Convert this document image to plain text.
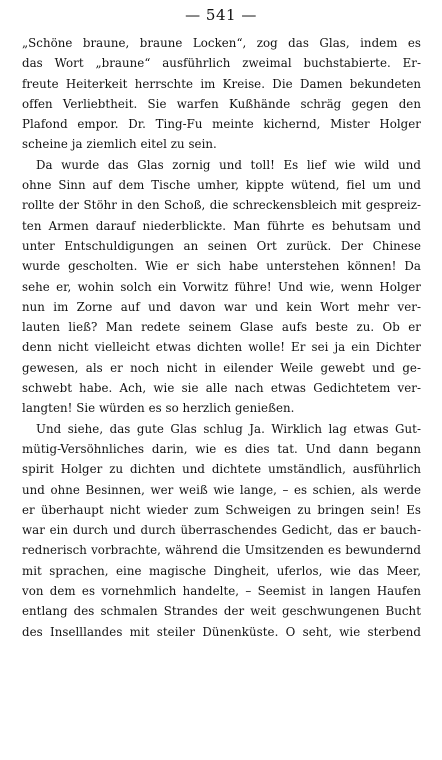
— 541 —
„Schöne braune, braune Locken“, zog das Glas, indem es
das Wort „braune“ ausführlich zweimal buchstabierte. Er-
freute Heiterkeit herrschte im Kreise. Die Damen bekundeten
offen Verliebtheit. Sie warfen Kußhände schräg gegen den
Plafond empor. Dr. Ting-Fu meinte kichernd, Mister Holger
scheine ja ziemlich eitel zu sein.
Da wurde das Glas zornig und toll! Es lief wie wild und
ohne Sinn auf dem Tische umher, kippte wütend, fiel um und
rollte der Stöhr in den Schoß, die schreckensbleich mit gespreiz-
ten Armen darauf niederblickte. Man führte es behutsam und
unter Entschuldigungen an seinen Ort zurück. Der Chinese
wurde gescholten. Wie er sich habe unterstehen können! Da
sehe er, wohin solch ein Vorwitz führe! Und wie, wenn Holger
nun im Zorne auf und davon war und kein Wort mehr ver-
lauten ließ? Man redete seinem Glase aufs beste zu. Ob er
denn nicht vielleicht etwas dichten wolle! Er sei ja ein Dichter
gewesen, als er noch nicht in eilender Weile gewebt und ge-
schwebt habe. Ach, wie sie alle nach etwas Gedichtetem ver-
langten! Sie würden es so herzlich genießen.
Und siehe, das gute Glas schlug Ja. Wirklich lag etwas Gut-
mütig-Versöhnliches darin, wie es dies tat. Und dann begann
spirit Holger zu dichten und dichtete umständlich, ausführlich
und ohne Besinnen, wer weiß wie lange, – es schien, als werde
er überhaupt nicht wieder zum Schweigen zu bringen sein! Es
war ein durch und durch überraschendes Gedicht, das er bauch-
rednerisch vorbrachte, während die Umsitzenden es bewundernd
mit sprachen, eine magische Dingheit, uferlos, wie das Meer,
von dem es vornehmlich handelte, – Seemist in langen Haufen
entlang des schmalen Strandes der weit geschwungenen Bucht
des Inselllandes mit steiler Dünenküste. O seht, wie sterbend
